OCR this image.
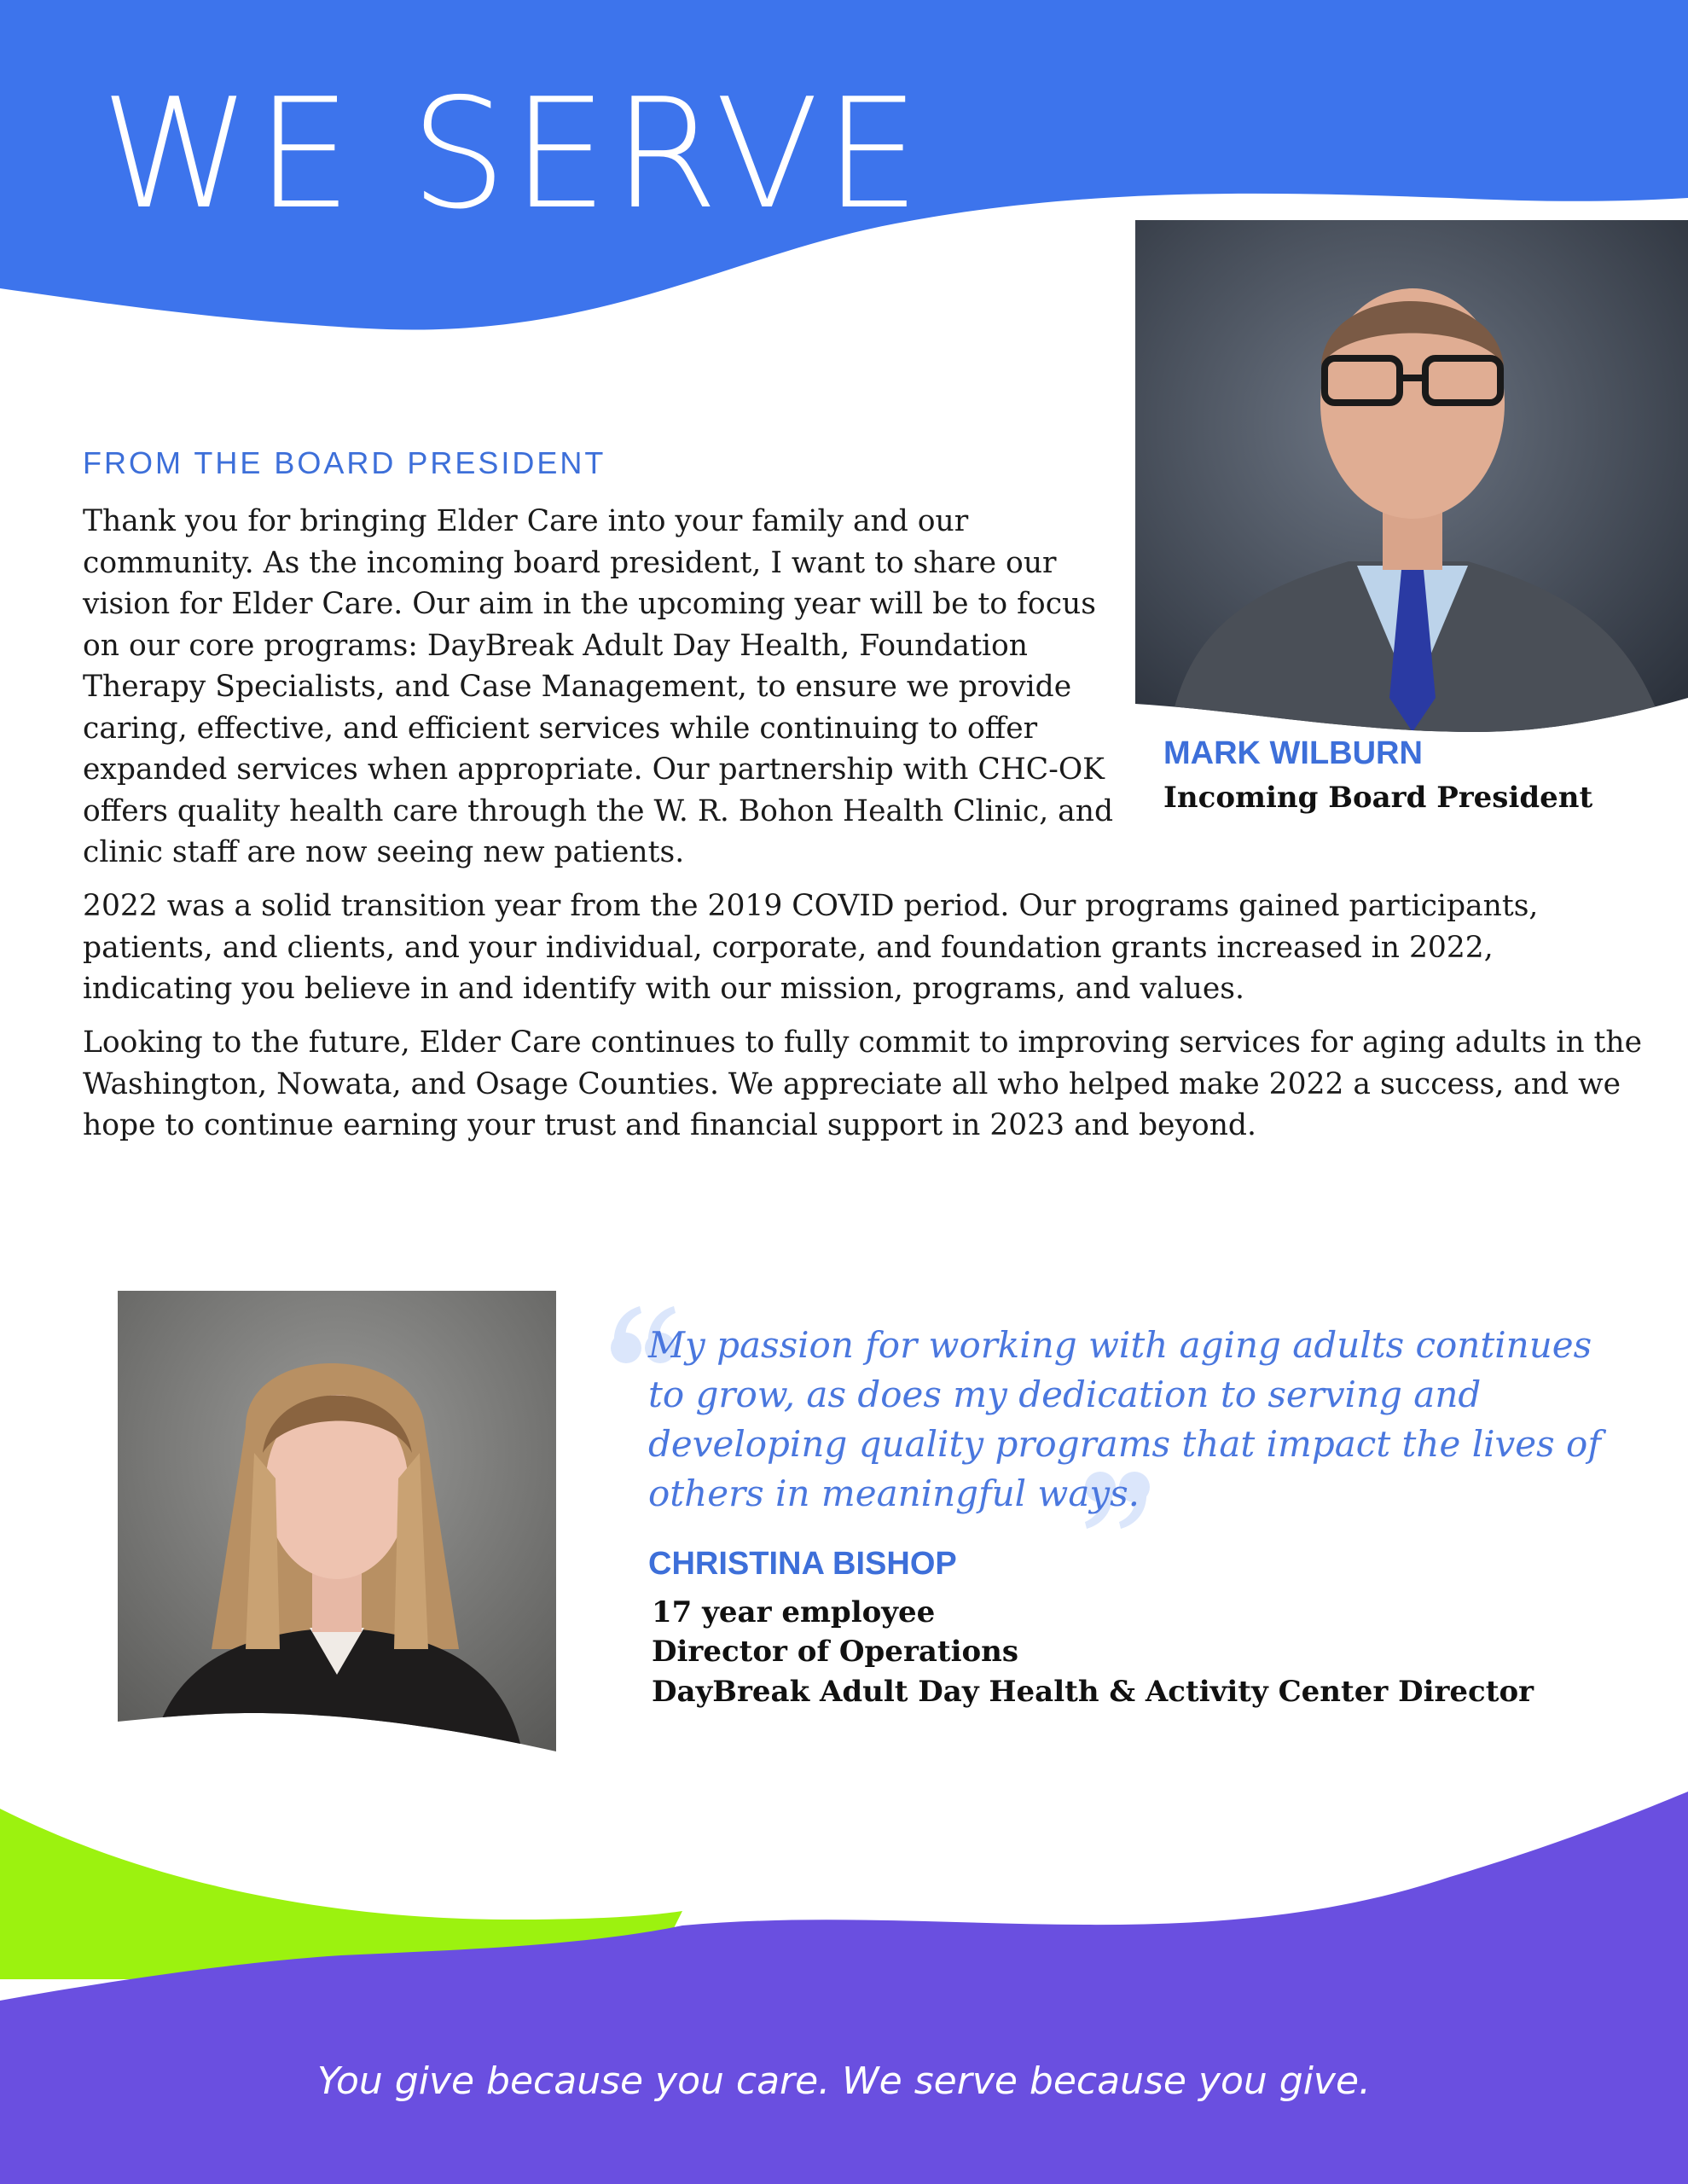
WE SERVE
MARK WILBURN
Incoming Board President
FROM THE BOARD PRESIDENT

Thank you for bringing Elder Care into your family and our community. As the incoming board president, I want to share our vision for Elder Care. Our aim in the upcoming year will be to focus on our core programs: DayBreak Adult Day Health, Foundation Therapy Specialists, and Case Management, to ensure we provide caring, effective, and efficient services while continuing to offer expanded services when appropriate. Our partnership with CHC-OK offers quality health care through the W. R. Bohon Health Clinic, and clinic staff are now seeing new patients.

2022 was a solid transition year from the 2019 COVID period. Our programs gained participants, patients, and clients, and your individual, corporate, and foundation grants increased in 2022, indicating you believe in and identify with our mission, programs, and values.

Looking to the future, Elder Care continues to fully commit to improving services for aging adults in the Washington, Nowata, and Osage Counties. We appreciate all who helped make 2022 a success, and we hope to continue earning your trust and financial support in 2023 and beyond.

My passion for working with aging adults continues to grow, as does my dedication to serving and developing quality programs that impact the lives of others in meaningful ways.

CHRISTINA BISHOP
17 year employee
Director of Operations
DayBreak Adult Day Health & Activity Center Director
You give because you care. We serve because you give.
